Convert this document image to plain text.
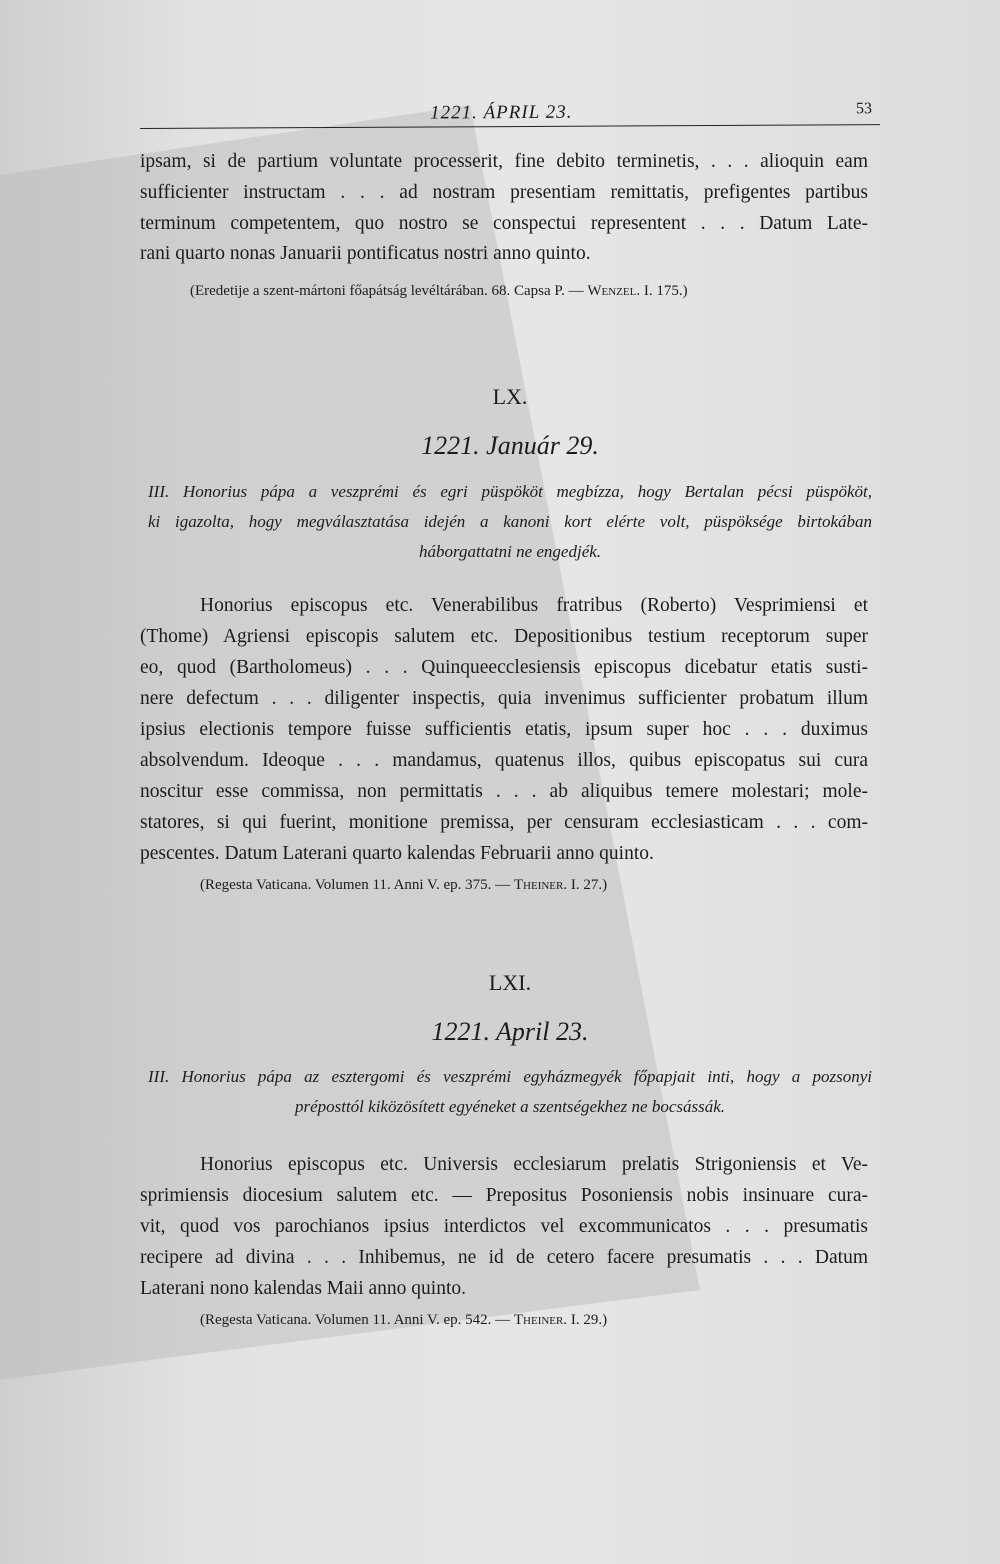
1221. ÁPRIL 23.	53
ipsam, si de partium voluntate processerit, fine debito terminetis, . . . alioquin eam
sufficienter instructam . . . ad nostram presentiam remittatis, prefigentes partibus
terminum competentem, quo nostro se conspectui representent . . . Datum Late-
rani quarto nonas Januarii pontificatus nostri anno quinto.
(Eredetije a szent-mártoni főapátság levéltárában. 68. Capsa P. — Wenzel. I. 175.)
LX.
1221. Január 29.
III. Honorius pápa a veszprémi és egri püspököt megbízza, hogy Bertalan pécsi püspököt,
ki igazolta, hogy megválasztatása idején a kanoni kort elérte volt, püspöksége birtokában
háborgattatni ne engedjék.
Honorius episcopus etc. Venerabilibus fratribus (Roberto) Vesprimiensi et
(Thome) Agriensi episcopis salutem etc. Depositionibus testium receptorum super
eo, quod (Bartholomeus) . . . Quinqueecclesiensis episcopus dicebatur etatis susti-
nere defectum . . . diligenter inspectis, quia invenimus sufficienter probatum illum
ipsius electionis tempore fuisse sufficientis etatis, ipsum super hoc . . . duximus
absolvendum. Ideoque . . . mandamus, quatenus illos, quibus episcopatus sui cura
noscitur esse commissa, non permittatis . . . ab aliquibus temere molestari; mole-
statores, si qui fuerint, monitione premissa, per censuram ecclesiasticam . . . com-
pescentes. Datum Laterani quarto kalendas Februarii anno quinto.
(Regesta Vaticana. Volumen 11. Anni V. ep. 375. — Theiner. I. 27.)
LXI.
1221. April 23.
III. Honorius pápa az esztergomi és veszprémi egyházmegyék főpapjait inti, hogy a pozsonyi
préposttól kiközösített egyéneket a szentségekhez ne bocsássák.
Honorius episcopus etc. Universis ecclesiarum prelatis Strigoniensis et Ve-
sprimiensis diocesium salutem etc. — Prepositus Posoniensis nobis insinuare cura-
vit, quod vos parochianos ipsius interdictos vel excommunicatos . . . presumatis
recipere ad divina . . . Inhibemus, ne id de cetero facere presumatis . . . Datum
Laterani nono kalendas Maii anno quinto.
(Regesta Vaticana. Volumen 11. Anni V. ep. 542. — Theiner. I. 29.)
